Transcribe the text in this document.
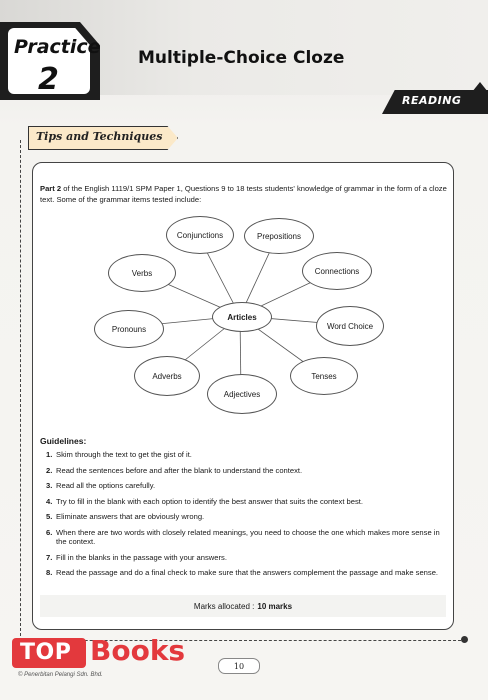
Practice
2
Multiple-Choice Cloze
READING
Tips and Techniques
Part 2 of the English 1119/1 SPM Paper 1, Questions 9 to 18 tests students' knowledge of grammar in the form of a cloze text. Some of the grammar items tested include:
Conjunctions	Prepositions
Connections
Word Choice
Tenses
Adjectives
Adverbs
Pronouns
Verbs
Articles
Guidelines:
1. Skim through the text to get the gist of it.
2. Read the sentences before and after the blank to understand the context.
3. Read all the options carefully.
4. Try to fill in the blank with each option to identify the best answer that suits the context best.
5. Eliminate answers that are obviously wrong.
6. When there are two words with closely related meanings, you need to choose the one which makes more sense in the context.
7. Fill in the blanks in the passage with your answers.
8. Read the passage and do a final check to make sure that the answers complement the passage and make sense.
Marks allocated : 10 marks
TOP Books
© Penerbitan Pelangi Sdn. Bhd.
10
